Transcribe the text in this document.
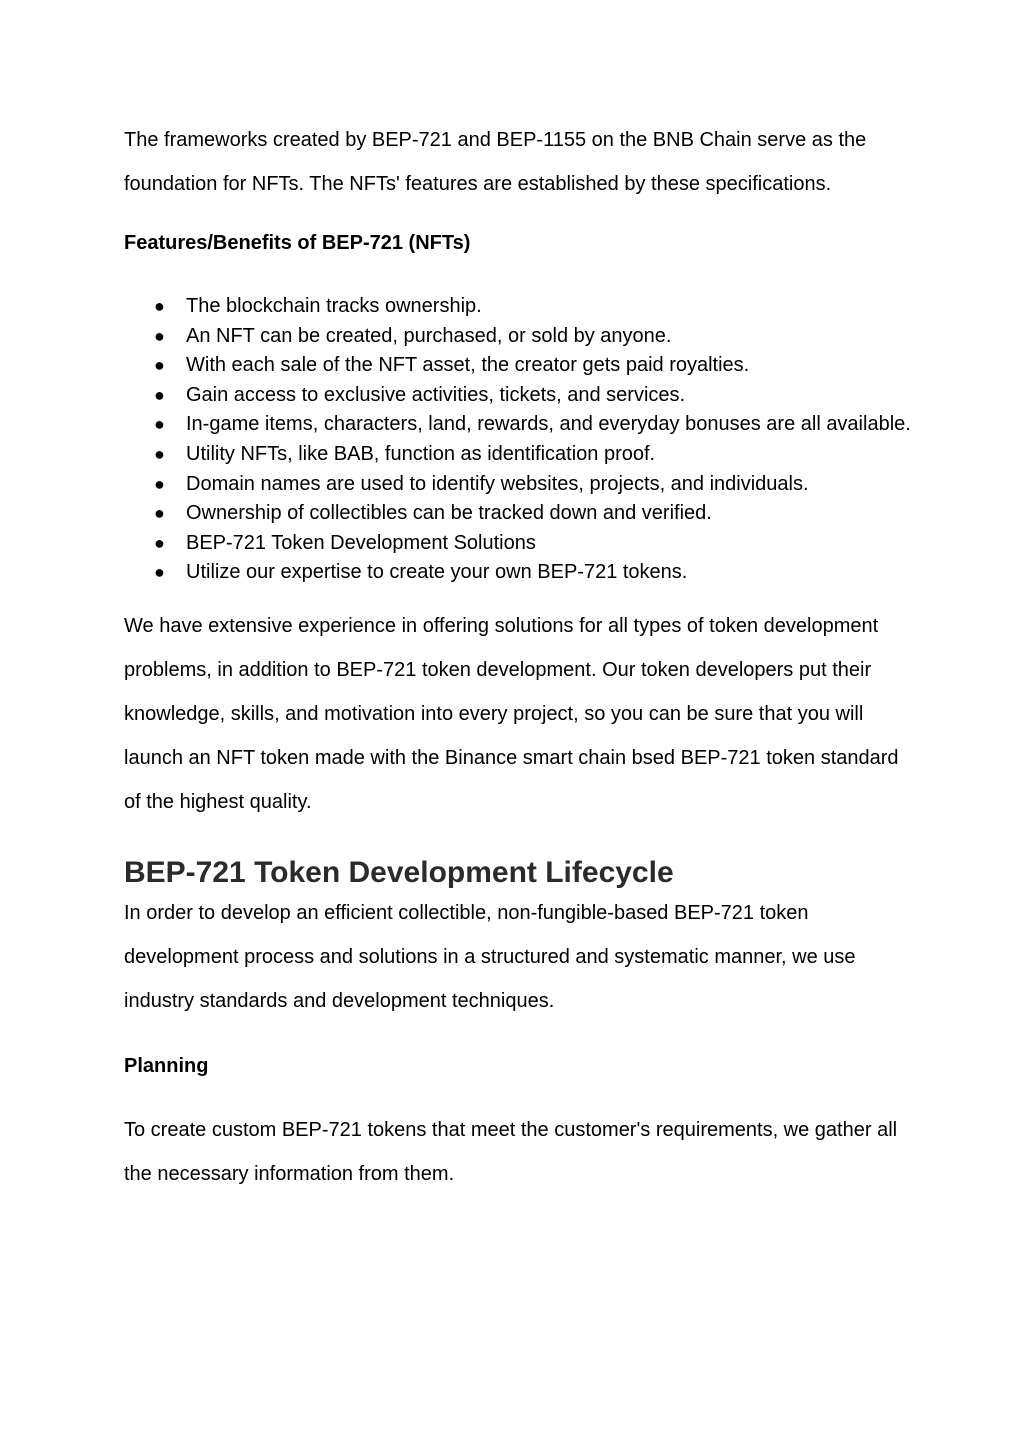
The frameworks created by BEP-721 and BEP-1155 on the BNB Chain serve as the foundation for NFTs. The NFTs' features are established by these specifications.

Features/Benefits of BEP-721 (NFTs)

● The blockchain tracks ownership.
● An NFT can be created, purchased, or sold by anyone.
● With each sale of the NFT asset, the creator gets paid royalties.
● Gain access to exclusive activities, tickets, and services.
● In-game items, characters, land, rewards, and everyday bonuses are all available.
● Utility NFTs, like BAB, function as identification proof.
● Domain names are used to identify websites, projects, and individuals.
● Ownership of collectibles can be tracked down and verified.
● BEP-721 Token Development Solutions
● Utilize our expertise to create your own BEP-721 tokens.

We have extensive experience in offering solutions for all types of token development problems, in addition to BEP-721 token development. Our token developers put their knowledge, skills, and motivation into every project, so you can be sure that you will launch an NFT token made with the Binance smart chain bsed BEP-721 token standard of the highest quality.

BEP-721 Token Development Lifecycle

In order to develop an efficient collectible, non-fungible-based BEP-721 token development process and solutions in a structured and systematic manner, we use industry standards and development techniques.

Planning

To create custom BEP-721 tokens that meet the customer's requirements, we gather all the necessary information from them.
